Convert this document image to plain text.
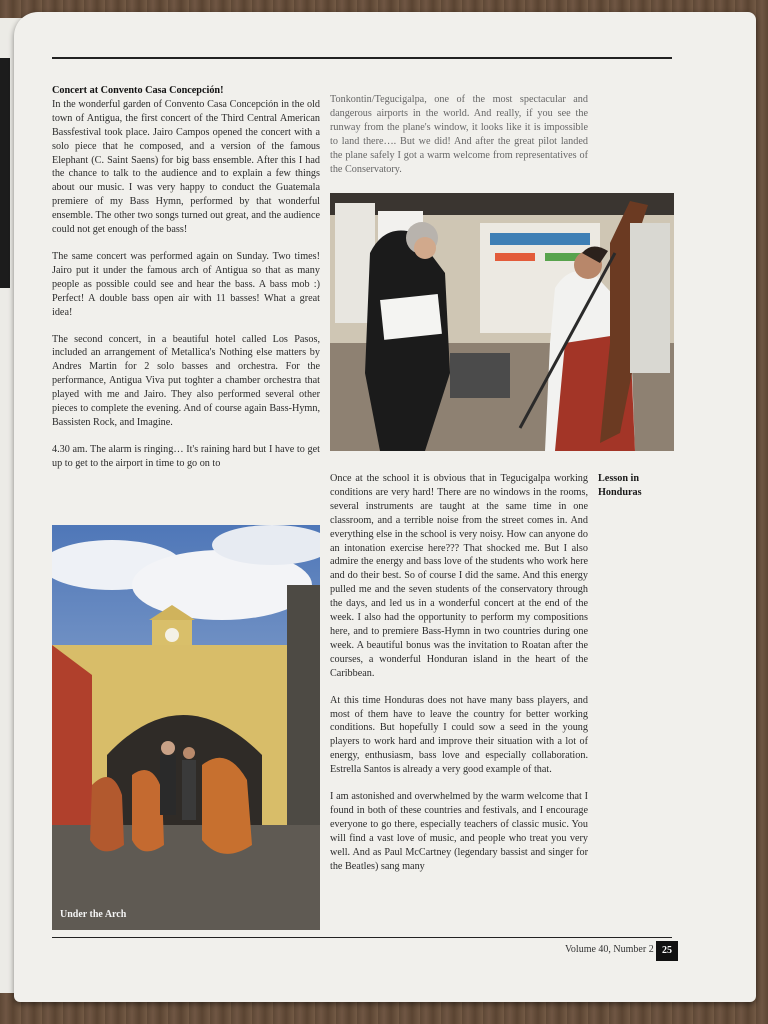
Concert at Convento Casa Concepción!
In the wonderful garden of Convento Casa Concepción in the old town of Antigua, the first concert of the Third Central American Bassfestival took place. Jairo Campos opened the concert with a solo piece that he composed, and a version of the famous Elephant (C. Saint Saens) for big bass ensemble. After this I had the chance to talk to the audience and to explain a few things about our music. I was very happy to conduct the Guatemala premiere of my Bass Hymn, performed by that wonderful ensemble. The other two songs turned out great, and the audience could not get enough of the bass!

The same concert was performed again on Sunday. Two times! Jairo put it under the famous arch of Antigua so that as many people as possible could see and hear the bass. A bass mob :) Perfect! A double bass open air with 11 basses! What a great idea!

The second concert, in a beautiful hotel called Los Pasos, included an arrangement of Metallica's Nothing else matters by Andres Martin for 2 solo basses and orchestra. For the performance, Antigua Viva put toghter a chamber orchestra that played with me and Jairo. They also performed several other pieces to complete the evening. And of course again Bass-Hymn, Bassisten Rock, and Imagine.

4.30 am. The alarm is ringing… It's raining hard but I have to get up to get to the airport in time to go on to

Tonkontin/Tegucigalpa, one of the most spectacular and dangerous airports in the world. And really, if you see the runway from the plane's window, it looks like it is impossible to land there…. But we did! And after the great pilot landed the plane safely I got a warm welcome from representatives of the Conservatory.

Once at the school it is obvious that in Tegucigalpa working conditions are very hard! There are no windows in the rooms, several instruments are taught at the same time in one classroom, and a terrible noise from the street comes in. And everything else in the school is very noisy. How can anyone do an intonation exercise here??? That shocked me. But I also admire the energy and bass love of the students who work here and do their best. So of course I did the same. And this energy pulled me and the seven students of the conservatory through the days, and led us in a wonderful concert at the end of the week. I also had the opportunity to perform my compositions here, and to premiere Bass-Hymn in two countries during one week. A beautiful bonus was the invitation to Roatan after the courses, a wonderful Honduran island in the heart of the Caribbean.

At this time Honduras does not have many bass players, and most of them have to leave the country for better working conditions. But hopefully I could sow a seed in the young players to work hard and improve their situation with a lot of energy, enthusiasm, bass love and especially collaboration. Estrella Santos is already a very good example of that.

I am astonished and overwhelmed by the warm welcome that I found in both of these countries and festivals, and I encourage everyone to go there, especially teachers of classic music. You will find a vast love of music, and people who treat you very well. And as Paul McCartney (legendary bassist and singer for the Beatles) sang many

Lesson in Honduras
Under the Arch
Volume 40, Number 2 25
